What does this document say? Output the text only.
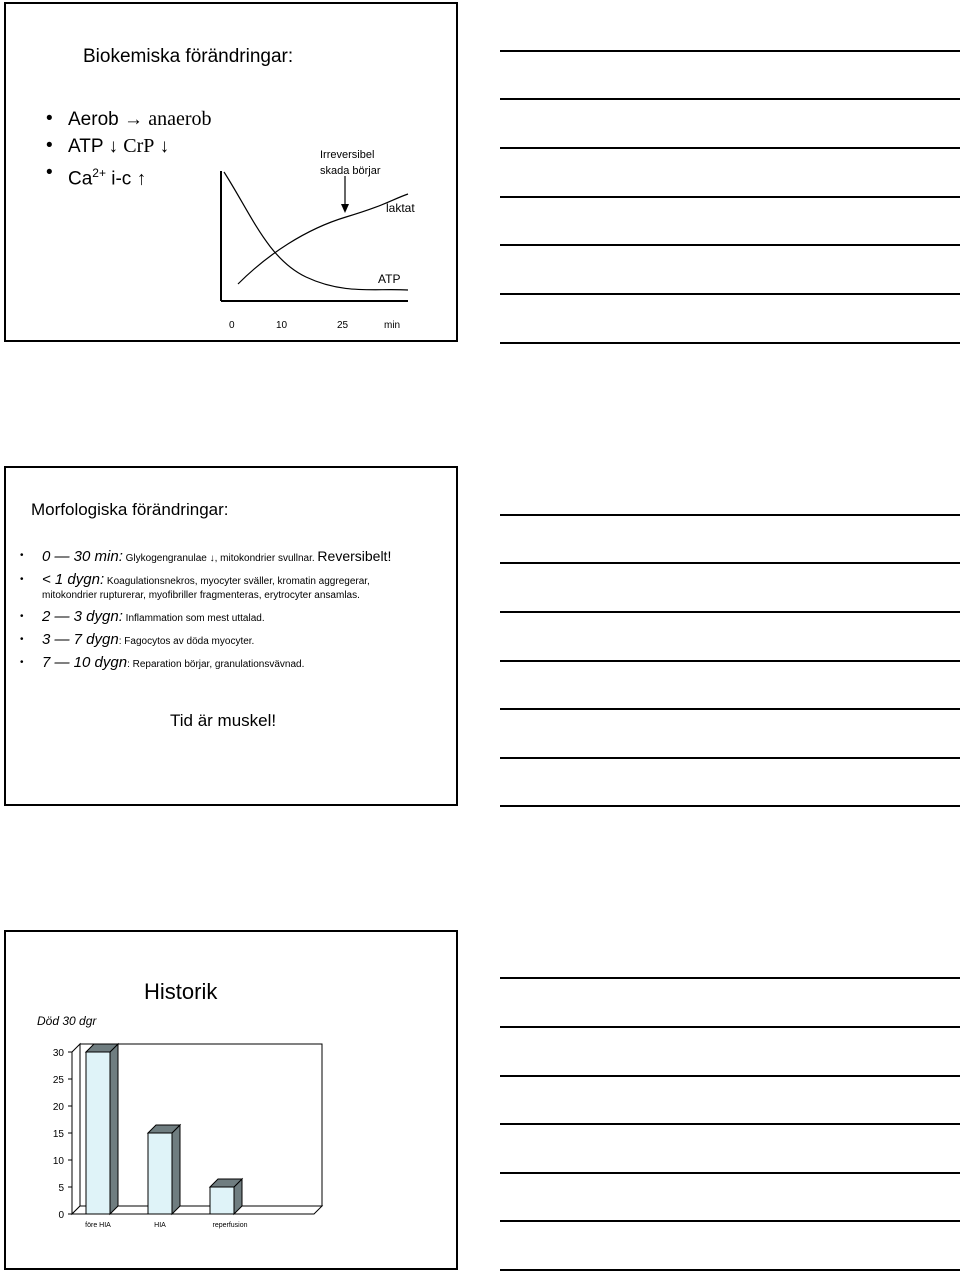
Biokemiska förändringar:
• Aerob → anaerob
• ATP ↓ CrP ↓
• $Ca^{2+}$ i-c ↑
Irreversibel
skada börjar
laktat
ATP
0	10	25	min
Morfologiska förändringar:
• 0 — 30 min: Glykogengranulae ↓, mitokondrier svullnar. Reversibelt!
• < 1 dygn: Koagulationsnekros, myocyter sväller, kromatin aggregerar,
mitokondrier rupturerar, myofibriller fragmenteras, erytrocyter ansamlas.
• 2 — 3 dygn: Inflammation som mest uttalad.
• 3 — 7 dygn: Fagocytos av döda myocyter.
• 7 — 10 dygn: Reparation börjar, granulationsvävnad.
Tid är muskel!
Historik
Död 30 dgr
30
25
20
15
10
5
0
före HIA	HIA	reperfusion
